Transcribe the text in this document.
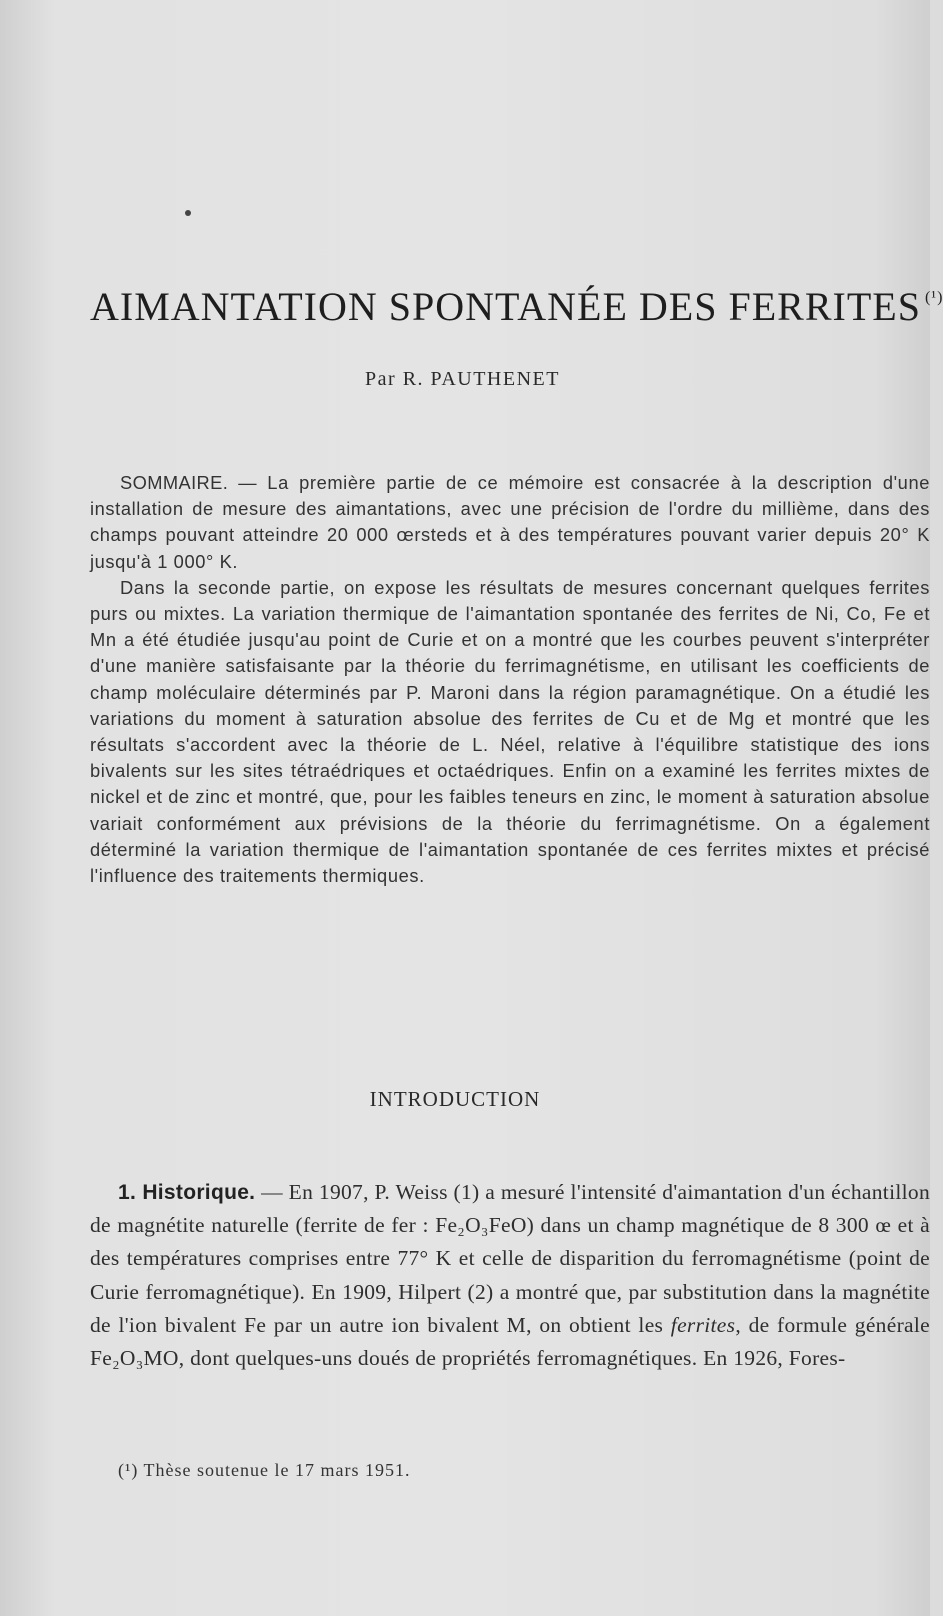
AIMANTATION SPONTANÉE DES FERRITES $^{(^1)}$
Par R. PAUTHENET

SOMMAIRE. — La première partie de ce mémoire est consacrée à la description d'une installation de mesure des aimantations, avec une précision de l'ordre du millième, dans des champs pouvant atteindre 20 000 œrsteds et à des températures pouvant varier depuis 20° K jusqu'à 1 000° K.

Dans la seconde partie, on expose les résultats de mesures concernant quelques ferrites purs ou mixtes. La variation thermique de l'aimantation spontanée des ferrites de Ni, Co, Fe et Mn a été étudiée jusqu'au point de Curie et on a montré que les courbes peuvent s'interpréter d'une manière satisfaisante par la théorie du ferrimagnétisme, en utilisant les coefficients de champ moléculaire déterminés par P. Maroni dans la région paramagnétique. On a étudié les variations du moment à saturation absolue des ferrites de Cu et de Mg et montré que les résultats s'accordent avec la théorie de L. Néel, relative à l'équilibre statistique des ions bivalents sur les sites tétraédriques et octaédriques. Enfin on a examiné les ferrites mixtes de nickel et de zinc et montré, que, pour les faibles teneurs en zinc, le moment à saturation absolue variait conformément aux prévisions de la théorie du ferrimagnétisme. On a également déterminé la variation thermique de l'aimantation spontanée de ces ferrites mixtes et précisé l'influence des traitements thermiques.

INTRODUCTION

1. Historique. — En 1907, P. Weiss (1) a mesuré l'intensité d'aimantation d'un échantillon de magnétite naturelle (ferrite de fer : Fe₂O₃FeO) dans un champ magnétique de 8 300 œ et à des températures comprises entre 77° K et celle de disparition du ferromagnétisme (point de Curie ferromagnétique). En 1909, Hilpert (2) a montré que, par substitution dans la magnétite de l'ion bivalent Fe par un autre ion bivalent M, on obtient les ferrites, de formule générale Fe₂O₃MO, dont quelques-uns doués de propriétés ferromagnétiques. En 1926, Fores-

(¹) Thèse soutenue le 17 mars 1951.
